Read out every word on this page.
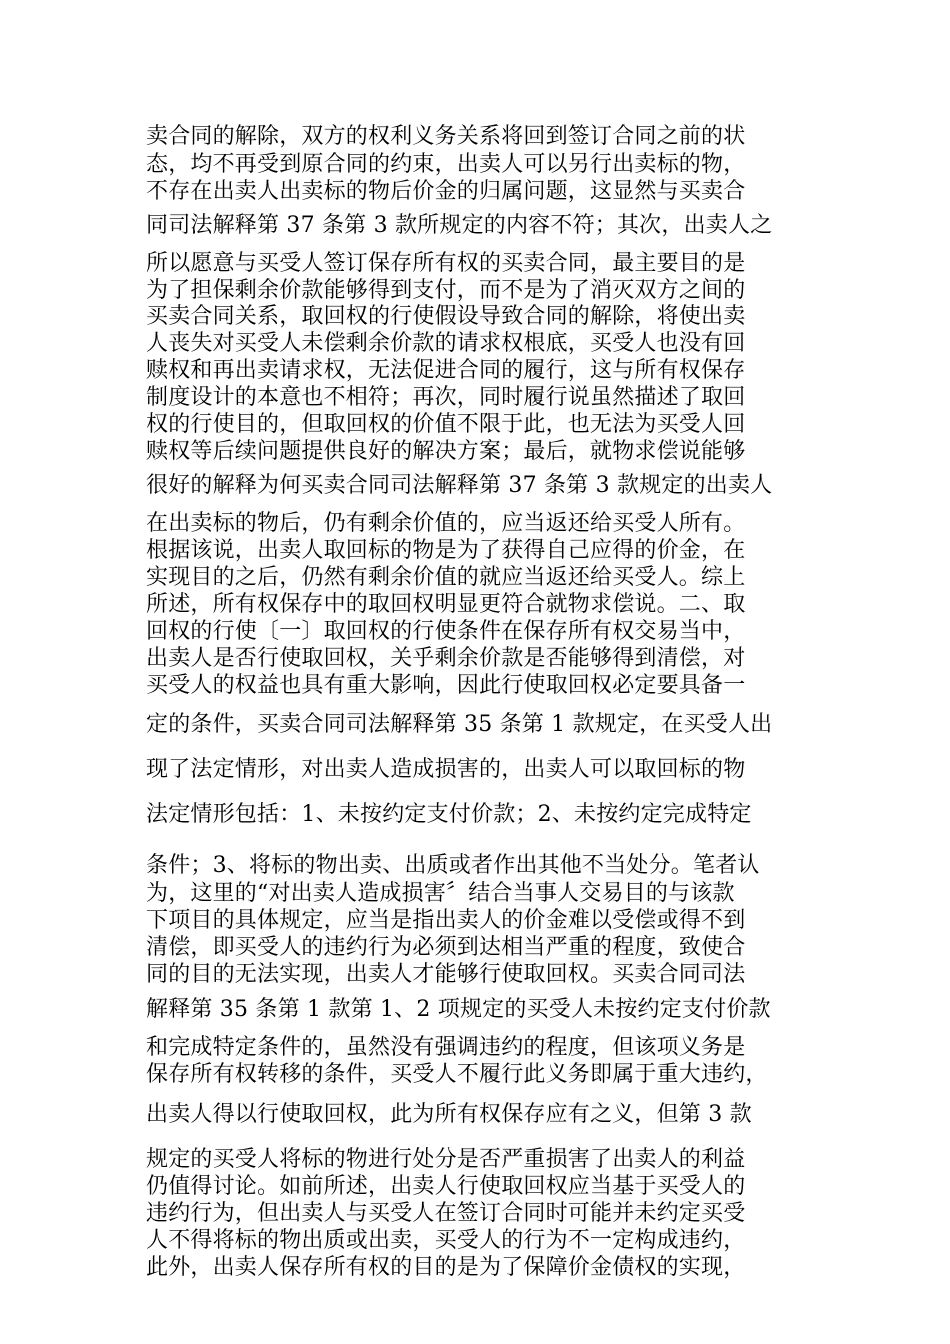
卖合同的解除，双方的权利义务关系将回到签订合同之前的状
态，均不再受到原合同的约束，出卖人可以另行出卖标的物，
不存在出卖人出卖标的物后价金的归属问题，这显然与买卖合
同司法解释第 37 条第 3 款所规定的内容不符；其次，出卖人之
所以愿意与买受人签订保存所有权的买卖合同，最主要目的是
为了担保剩余价款能够得到支付，而不是为了消灭双方之间的
买卖合同关系，取回权的行使假设导致合同的解除，将使出卖
人丧失对买受人未偿剩余价款的请求权根底，买受人也没有回
赎权和再出卖请求权，无法促进合同的履行，这与所有权保存
制度设计的本意也不相符；再次，同时履行说虽然描述了取回
权的行使目的，但取回权的价值不限于此，也无法为买受人回
赎权等后续问题提供良好的解决方案；最后，就物求偿说能够
很好的解释为何买卖合同司法解释第 37 条第 3 款规定的出卖人
在出卖标的物后，仍有剩余价值的，应当返还给买受人所有。
根据该说，出卖人取回标的物是为了获得自己应得的价金，在
实现目的之后，仍然有剩余价值的就应当返还给买受人。综上
所述，所有权保存中的取回权明显更符合就物求偿说。二、取
回权的行使〔一〕取回权的行使条件在保存所有权交易当中，
出卖人是否行使取回权，关乎剩余价款是否能够得到清偿，对
买受人的权益也具有重大影响，因此行使取回权必定要具备一
定的条件，买卖合同司法解释第 35 条第 1 款规定，在买受人出
现了法定情形，对出卖人造成损害的，出卖人可以取回标的物
法定情形包括：1、未按约定支付价款；2、未按约定完成特定
条件；3、将标的物出卖、出质或者作出其他不当处分。笔者认
为，这里的“对出卖人造成损害〞结合当事人交易目的与该款
下项目的具体规定，应当是指出卖人的价金难以受偿或得不到
清偿，即买受人的违约行为必须到达相当严重的程度，致使合
同的目的无法实现，出卖人才能够行使取回权。买卖合同司法
解释第 35 条第 1 款第 1、2 项规定的买受人未按约定支付价款
和完成特定条件的，虽然没有强调违约的程度，但该项义务是
保存所有权转移的条件，买受人不履行此义务即属于重大违约，
出卖人得以行使取回权，此为所有权保存应有之义，但第 3 款
规定的买受人将标的物进行处分是否严重损害了出卖人的利益
仍值得讨论。如前所述，出卖人行使取回权应当基于买受人的
违约行为，但出卖人与买受人在签订合同时可能并未约定买受
人不得将标的物出质或出卖，买受人的行为不一定构成违约，
此外，出卖人保存所有权的目的是为了保障价金债权的实现，
